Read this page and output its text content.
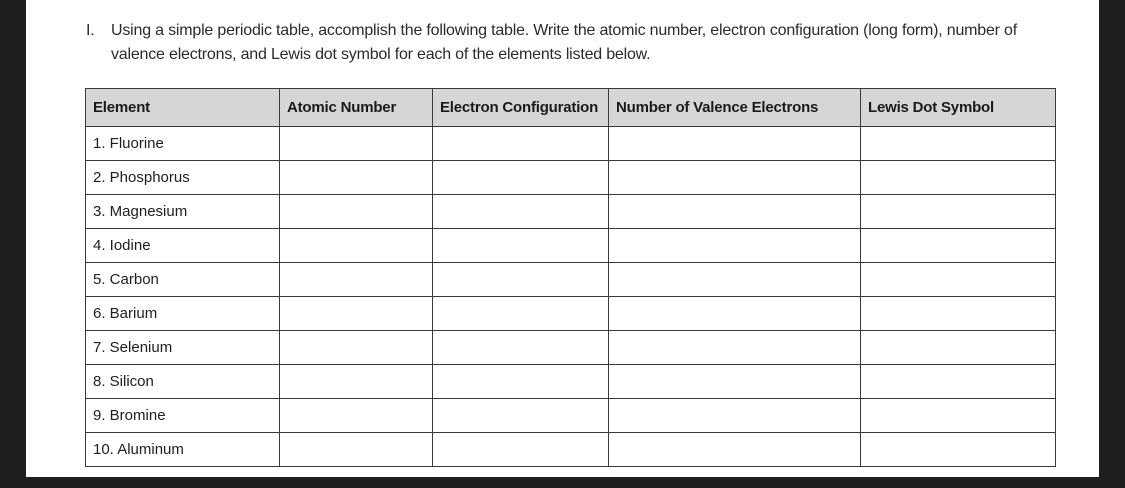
I.	Using a simple periodic table, accomplish the following table. Write the atomic number, electron configuration (long form), number of valence electrons, and Lewis dot symbol for each of the elements listed below.
Element	Atomic Number	Electron Configuration	Number of Valence Electrons	Lewis Dot Symbol
1. Fluorine				
2. Phosphorus				
3. Magnesium				
4. Iodine				
5. Carbon				
6. Barium				
7. Selenium				
8. Silicon				
9. Bromine				
10. Aluminum				
